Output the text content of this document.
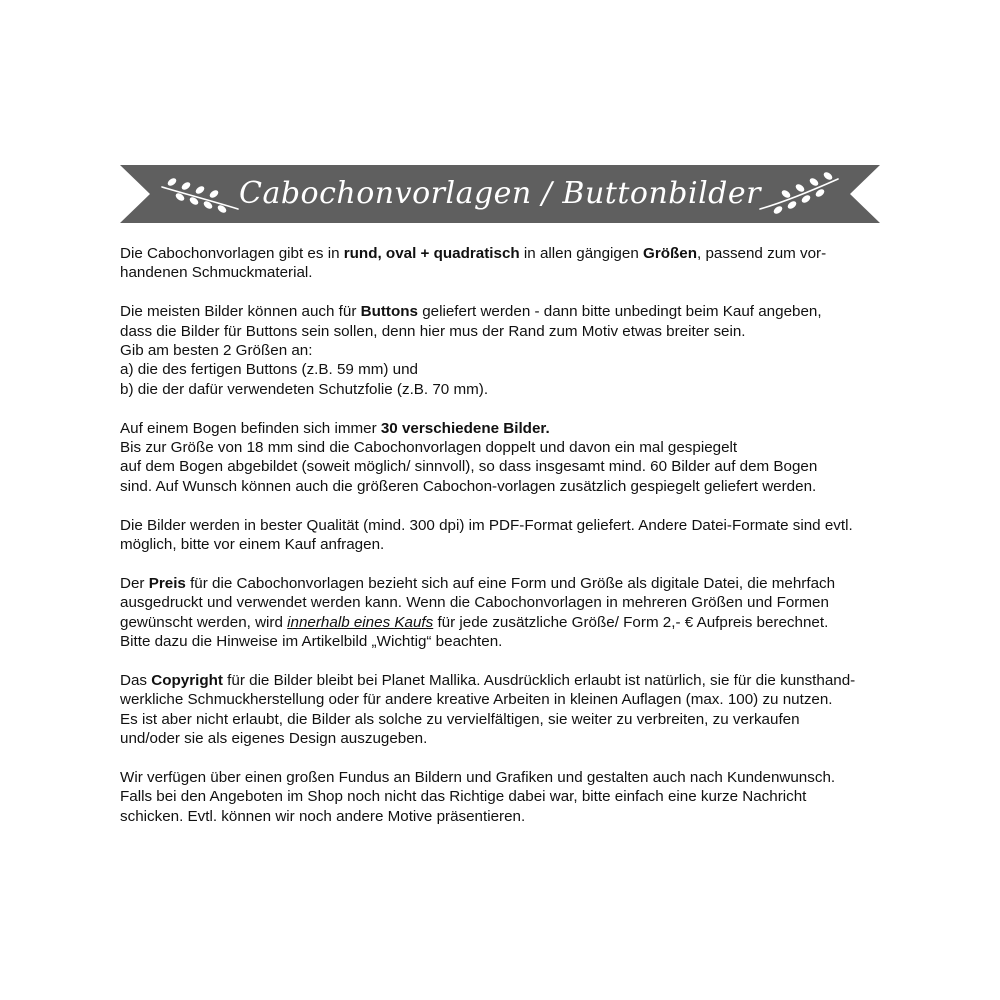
Cabochonvorlagen / Buttonbilder

Die Cabochonvorlagen gibt es in rund, oval + quadratisch in allen gängigen Größen, passend zum vor-
handenen Schmuckmaterial.

Die meisten Bilder können auch für Buttons geliefert werden - dann bitte unbedingt beim Kauf angeben,
dass die Bilder für Buttons sein sollen, denn hier mus der Rand zum Motiv etwas breiter sein.
Gib am besten 2 Größen an:
a) die des fertigen Buttons (z.B. 59 mm) und
b) die der dafür verwendeten Schutzfolie (z.B. 70 mm).

Auf einem Bogen befinden sich immer 30 verschiedene Bilder.
Bis zur Größe von 18 mm sind die Cabochonvorlagen doppelt und davon ein mal gespiegelt
auf dem Bogen abgebildet (soweit möglich/ sinnvoll), so dass insgesamt mind. 60 Bilder auf dem Bogen
sind. Auf Wunsch können auch die größeren Cabochon-vorlagen zusätzlich gespiegelt geliefert werden.

Die Bilder werden in bester Qualität (mind. 300 dpi) im PDF-Format geliefert. Andere Datei-Formate sind evtl.
möglich, bitte vor einem Kauf anfragen.

Der Preis für die Cabochonvorlagen bezieht sich auf eine Form und Größe als digitale Datei, die mehrfach
ausgedruckt und verwendet werden kann. Wenn die Cabochonvorlagen in mehreren Größen und Formen
gewünscht werden, wird innerhalb eines Kaufs für jede zusätzliche Größe/ Form 2,- € Aufpreis berechnet.
Bitte dazu die Hinweise im Artikelbild „Wichtig“ beachten.

Das Copyright für die Bilder bleibt bei Planet Mallika. Ausdrücklich erlaubt ist natürlich, sie für die kunsthand-
werkliche Schmuckherstellung oder für andere kreative Arbeiten in kleinen Auflagen (max. 100) zu nutzen.
Es ist aber nicht erlaubt, die Bilder als solche zu vervielfältigen, sie weiter zu verbreiten, zu verkaufen
und/oder sie als eigenes Design auszugeben.

Wir verfügen über einen großen Fundus an Bildern und Grafiken und gestalten auch nach Kundenwunsch.
Falls bei den Angeboten im Shop noch nicht das Richtige dabei war, bitte einfach eine kurze Nachricht
schicken. Evtl. können wir noch andere Motive präsentieren.
